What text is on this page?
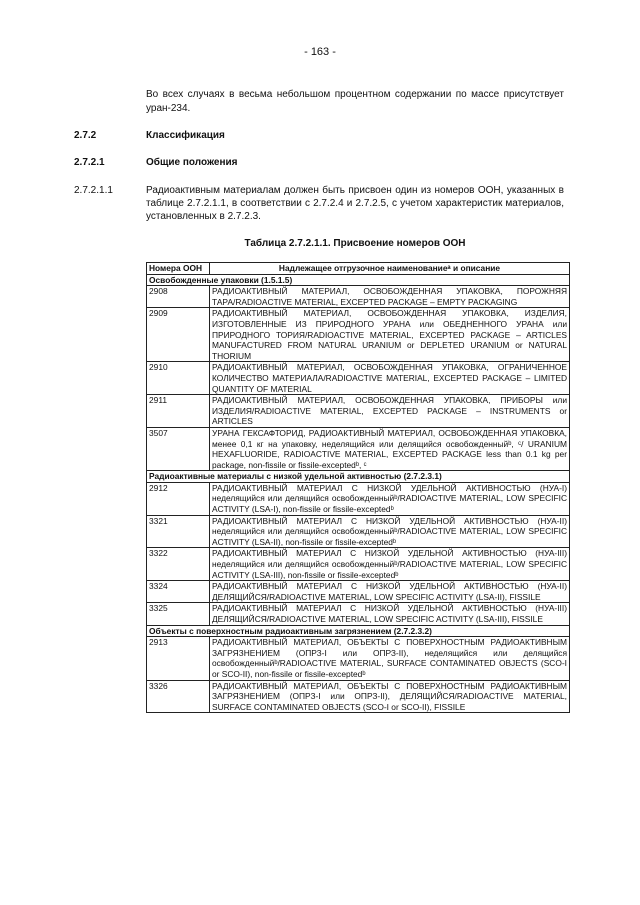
- 163 -
Во всех случаях в весьма небольшом процентном содержании по массе присутствует уран-234.
2.7.2	Классификация
2.7.2.1	Общие положения
2.7.2.1.1	Радиоактивным материалам должен быть присвоен один из номеров ООН, указанных в таблице 2.7.2.1.1, в соответствии с 2.7.2.4 и 2.7.2.5, с учетом характеристик материалов, установленных в 2.7.2.3.
Таблица 2.7.2.1.1. Присвоение номеров ООН
Номера ООН	Надлежащее отгрузочное наименованиеᵃ и описание
Освобожденные упаковки (1.5.1.5)	
2908	РАДИОАКТИВНЫЙ МАТЕРИАЛ, ОСВОБОЖДЕННАЯ УПАКОВКА, ПОРОЖНЯЯ ТАРА/RADIOACTIVE MATERIAL, EXCEPTED PACKAGE – EMPTY PACKAGING
2909	РАДИОАКТИВНЫЙ МАТЕРИАЛ, ОСВОБОЖДЕННАЯ УПАКОВКА, ИЗДЕЛИЯ, ИЗГОТОВЛЕННЫЕ ИЗ ПРИРОДНОГО УРАНА или ОБЕДНЕННОГО УРАНА или ПРИРОДНОГО ТОРИЯ/RADIOACTIVE MATERIAL, EXCEPTED PACKAGE – ARTICLES MANUFACTURED FROM NATURAL URANIUM or DEPLETED URANIUM or NATURAL THORIUM
2910	РАДИОАКТИВНЫЙ МАТЕРИАЛ, ОСВОБОЖДЕННАЯ УПАКОВКА, ОГРАНИЧЕННОЕ КОЛИЧЕСТВО МАТЕРИАЛА/RADIOACTIVE MATERIAL, EXCEPTED PACKAGE – LIMITED QUANTITY OF MATERIAL
2911	РАДИОАКТИВНЫЙ МАТЕРИАЛ, ОСВОБОЖДЕННАЯ УПАКОВКА, ПРИБОРЫ или ИЗДЕЛИЯ/RADIOACTIVE MATERIAL, EXCEPTED PACKAGE – INSTRUMENTS or ARTICLES
3507	УРАНА ГЕКСАФТОРИД, РАДИОАКТИВНЫЙ МАТЕРИАЛ, ОСВОБОЖДЕННАЯ УПАКОВКА, менее 0,1 кг на упаковку, неделящийся или делящийся освобожденныйᵇ, ᶜ/ URANIUM HEXAFLUORIDE, RADIOACTIVE MATERIAL, EXCEPTED PACKAGE less than 0.1 kg per package, non-fissile or fissile-exceptedᵇ, ᶜ
Радиоактивные материалы с низкой удельной активностью (2.7.2.3.1)	
2912	РАДИОАКТИВНЫЙ МАТЕРИАЛ С НИЗКОЙ УДЕЛЬНОЙ АКТИВНОСТЬЮ (НУА-I) неделящийся или делящийся освобожденныйᵇ/RADIOACTIVE MATERIAL, LOW SPECIFIC ACTIVITY (LSA-I), non-fissile or fissile-exceptedᵇ
3321	РАДИОАКТИВНЫЙ МАТЕРИАЛ С НИЗКОЙ УДЕЛЬНОЙ АКТИВНОСТЬЮ (НУА-II) неделящийся или делящийся освобожденныйᵇ/RADIOACTIVE MATERIAL, LOW SPECIFIC ACTIVITY (LSA-II), non-fissile or fissile-exceptedᵇ
3322	РАДИОАКТИВНЫЙ МАТЕРИАЛ С НИЗКОЙ УДЕЛЬНОЙ АКТИВНОСТЬЮ (НУА-III) неделящийся или делящийся освобожденныйᵇ/RADIOACTIVE MATERIAL, LOW SPECIFIC ACTIVITY (LSA-III), non-fissile or fissile-exceptedᵇ
3324	РАДИОАКТИВНЫЙ МАТЕРИАЛ С НИЗКОЙ УДЕЛЬНОЙ АКТИВНОСТЬЮ (НУА-II) ДЕЛЯЩИЙСЯ/RADIOACTIVE MATERIAL, LOW SPECIFIC ACTIVITY (LSA-II), FISSILE
3325	РАДИОАКТИВНЫЙ МАТЕРИАЛ С НИЗКОЙ УДЕЛЬНОЙ АКТИВНОСТЬЮ (НУА-III) ДЕЛЯЩИЙСЯ/RADIOACTIVE MATERIAL, LOW SPECIFIC ACTIVITY (LSA-III), FISSILE
Объекты с поверхностным радиоактивным загрязнением (2.7.2.3.2)	
2913	РАДИОАКТИВНЫЙ МАТЕРИАЛ, ОБЪЕКТЫ С ПОВЕРХНОСТНЫМ РАДИОАКТИВНЫМ ЗАГРЯЗНЕНИЕМ (ОПРЗ-I или ОПРЗ-II), неделящийся или делящийся освобожденныйᵇ/RADIOACTIVE MATERIAL, SURFACE CONTAMINATED OBJECTS (SCO-I or SCO-II), non-fissile or fissile-exceptedᵇ
3326	РАДИОАКТИВНЫЙ МАТЕРИАЛ, ОБЪЕКТЫ С ПОВЕРХНОСТНЫМ РАДИОАКТИВНЫМ ЗАГРЯЗНЕНИЕМ (ОПРЗ-I или ОПРЗ-II), ДЕЛЯЩИЙСЯ/RADIOACTIVE MATERIAL, SURFACE CONTAMINATED OBJECTS (SCO-I or SCO-II), FISSILE
